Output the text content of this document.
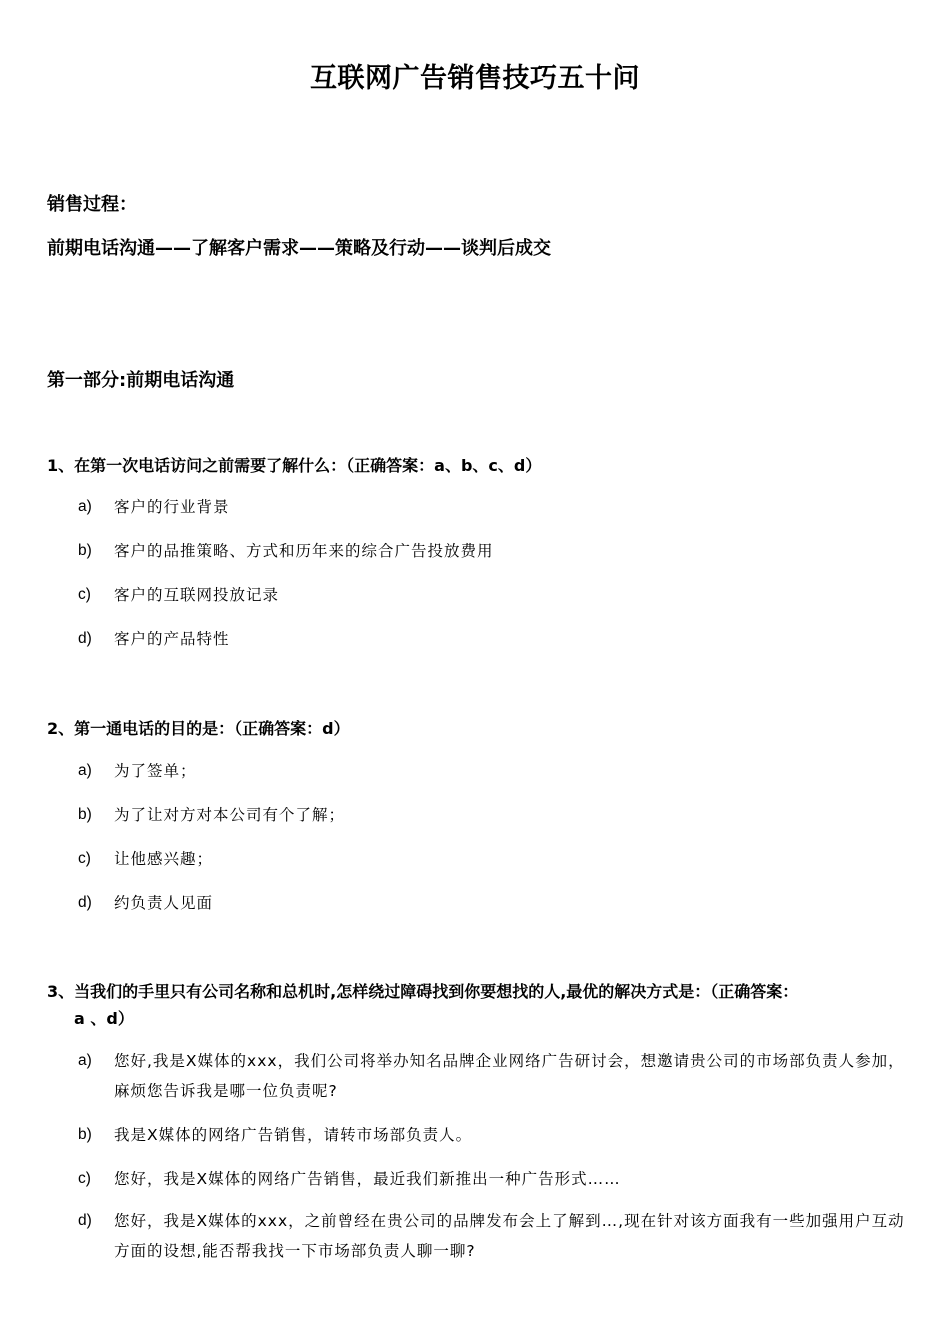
互联网广告销售技巧五十问
销售过程：
前期电话沟通——了解客户需求——策略及行动——谈判后成交
第一部分:前期电话沟通
1、在第一次电话访问之前需要了解什么：（正确答案：a、b、c、d）
a)	客户的行业背景
b)	客户的品推策略、方式和历年来的综合广告投放费用
c)	客户的互联网投放记录
d)	客户的产品特性
2、第一通电话的目的是：（正确答案：d）
a)	为了签单；
b)	为了让对方对本公司有个了解；
c)	让他感兴趣；
d)	约负责人见面
3、当我们的手里只有公司名称和总机时,怎样绕过障碍找到你要想找的人,最优的解决方式是：（正确答案：
a 、d）
a)	您好,我是X媒体的xxx，我们公司将举办知名品牌企业网络广告研讨会，想邀请贵公司的市场部负责人参加，麻烦您告诉我是哪一位负责呢?
b)	我是X媒体的网络广告销售，请转市场部负责人。
c)	您好，我是X媒体的网络广告销售，最近我们新推出一种广告形式……
d)	您好，我是X媒体的xxx，之前曾经在贵公司的品牌发布会上了解到…,现在针对该方面我有一些加强用户互动方面的设想,能否帮我找一下市场部负责人聊一聊?
